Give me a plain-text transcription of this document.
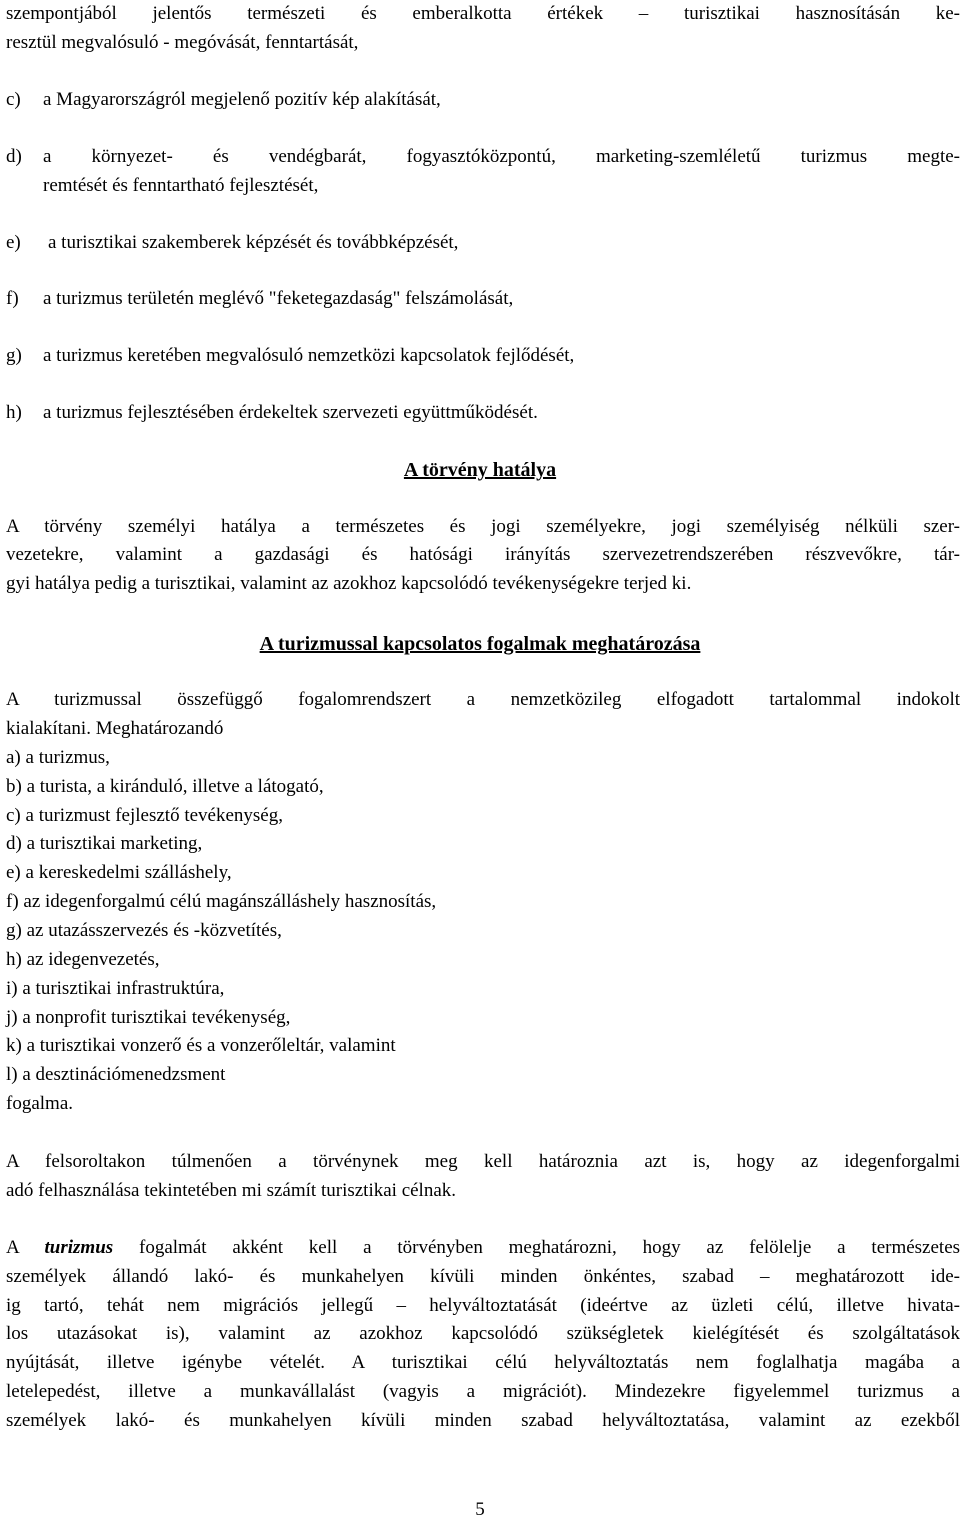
szempontjából jelentős természeti és emberalkotta értékek – turisztikai hasznosításán ke-
resztül megvalósuló - megóvását, fenntartását,
c) a Magyarországról megjelenő pozitív kép alakítását,
d) a környezet- és vendégbarát, fogyasztóközpontú, marketing-szemléletű turizmus megte-
remtését és fenntartható fejlesztését,
e) a turisztikai szakemberek képzését és továbbképzését,
f) a turizmus területén meglévő "feketegazdaság" felszámolását,
g) a turizmus keretében megvalósuló nemzetközi kapcsolatok fejlődését,
h) a turizmus fejlesztésében érdekeltek szervezeti együttműködését.
A törvény hatálya
A törvény személyi hatálya a természetes és jogi személyekre, jogi személyiség nélküli szer-
vezetekre, valamint a gazdasági és hatósági irányítás szervezetrendszerében részvevőkre, tár-
gyi hatálya pedig a turisztikai, valamint az azokhoz kapcsolódó tevékenységekre terjed ki.
A turizmussal kapcsolatos fogalmak meghatározása
A turizmussal összefüggő fogalomrendszert a nemzetközileg elfogadott tartalommal indokolt
kialakítani. Meghatározandó
a) a turizmus,
b) a turista, a kiránduló, illetve a látogató,
c) a turizmust fejlesztő tevékenység,
d) a turisztikai marketing,
e) a kereskedelmi szálláshely,
f) az idegenforgalmú célú magánszálláshely hasznosítás,
g) az utazásszervezés és -közvetítés,
h) az idegenvezetés,
i) a turisztikai infrastruktúra,
j) a nonprofit turisztikai tevékenység,
k) a turisztikai vonzerő és a vonzerőleltár, valamint
l) a desztinációmenedzsment
fogalma.
A felsoroltakon túlmenően a törvénynek meg kell határoznia azt is, hogy az idegenforgalmi
adó felhasználása tekintetében mi számít turisztikai célnak.
A turizmus fogalmát akként kell a törvényben meghatározni, hogy az felölelje a természetes
személyek állandó lakó- és munkahelyen kívüli minden önkéntes, szabad – meghatározott ide-
ig tartó, tehát nem migrációs jellegű – helyváltoztatását (ideértve az üzleti célú, illetve hivata-
los utazásokat is), valamint az azokhoz kapcsolódó szükségletek kielégítését és szolgáltatások
nyújtását, illetve igénybe vételét. A turisztikai célú helyváltoztatás nem foglalhatja magába a
letelepedést, illetve a munkavállalást (vagyis a migrációt). Mindezekre figyelemmel turizmus a
személyek lakó- és munkahelyen kívüli minden szabad helyváltoztatása, valamint az ezekből
5
